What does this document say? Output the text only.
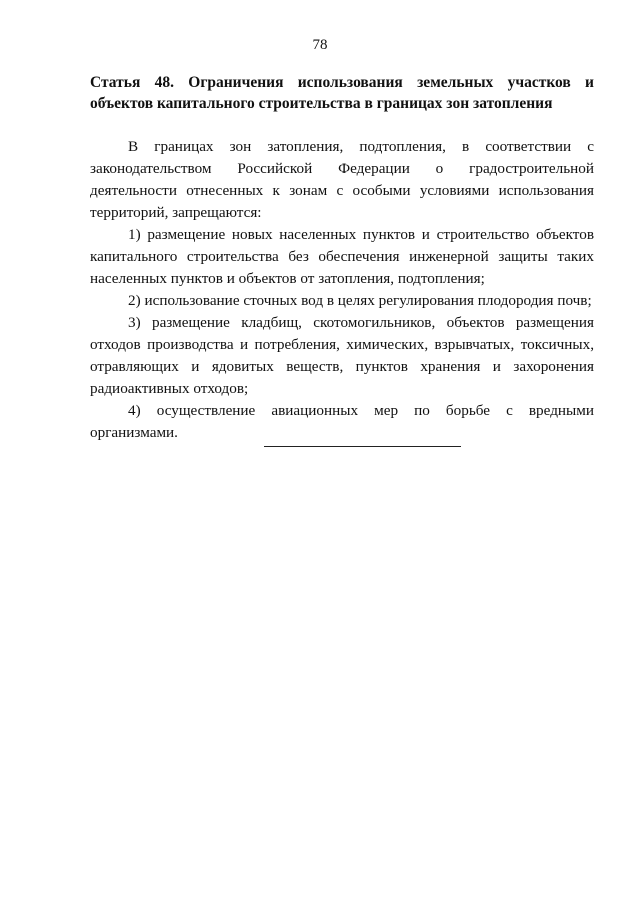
78
Статья 48. Ограничения использования земельных участков и
объектов капитального строительства в границах зон затопления
В границах зон затопления, подтопления, в соответствии с
законодательством Российской Федерации о градостроительной
деятельности отнесенных к зонам с особыми условиями использования
территорий, запрещаются:
1) размещение новых населенных пунктов и строительство объектов
капитального строительства без обеспечения инженерной защиты таких
населенных пунктов и объектов от затопления, подтопления;
2) использование сточных вод в целях регулирования плодородия почв;
3) размещение кладбищ, скотомогильников, объектов размещения
отходов производства и потребления, химических, взрывчатых, токсичных,
отравляющих и ядовитых веществ, пунктов хранения и захоронения
радиоактивных отходов;
4) осуществление авиационных мер по борьбе с вредными
организмами.
